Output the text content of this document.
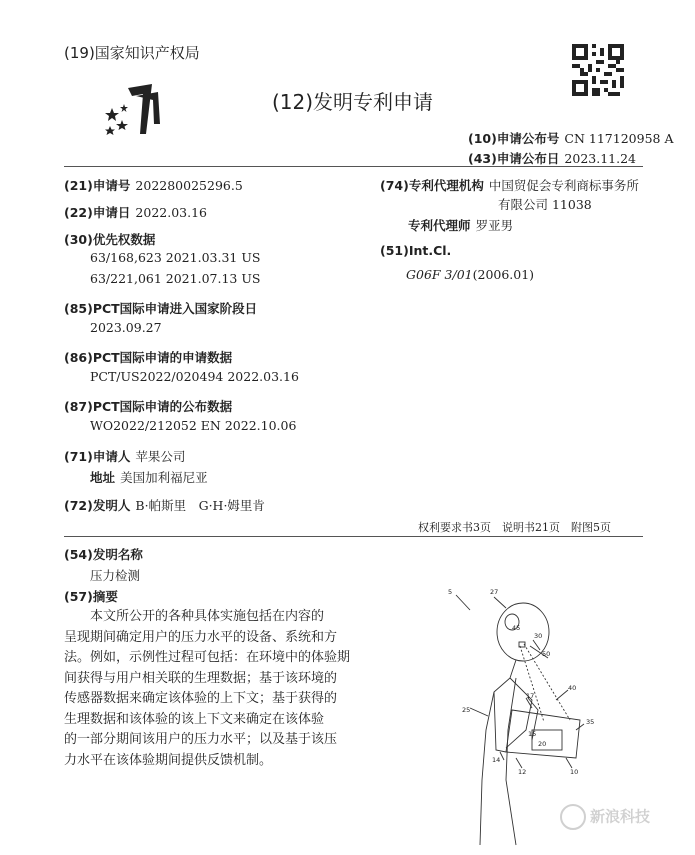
(19)国家知识产权局
(12)发明专利申请
(10)申请公布号 CN 117120958 A
(43)申请公布日 2023.11.24
(21)申请号 202280025296.5
(22)申请日 2022.03.16
(30)优先权数据
63/168,623 2021.03.31 US
63/221,061 2021.07.13 US
(85)PCT国际申请进入国家阶段日
2023.09.27
(86)PCT国际申请的申请数据
PCT/US2022/020494 2022.03.16
(87)PCT国际申请的公布数据
WO2022/212052 EN 2022.10.06
(71)申请人 苹果公司
地址 美国加利福尼亚
(72)发明人 B·帕斯里　G·H·姆里肯
(74)专利代理机构 中国贸促会专利商标事务所
有限公司 11038
专利代理师 罗亚男
(51)Int.Cl.
G06F 3/01(2006.01)
权利要求书3页　说明书21页　附图5页
(54)发明名称
压力检测
(57)摘要

本文所公开的各种具体实施包括在内容的

呈现期间确定用户的压力水平的设备、系统和方

法。例如，示例性过程可包括：在环境中的体验期

间获得与用户相关联的生理数据；基于该环境的

传感器数据来确定该体验的上下文；基于获得的

生理数据和该体验的该上下文来确定在该体验

的一部分期间该用户的压力水平；以及基于该压

力水平在该体验期间提供反馈机制。

5	27
45
30
50
17
40
25
15
20
35
14
12	10
新浪科技
